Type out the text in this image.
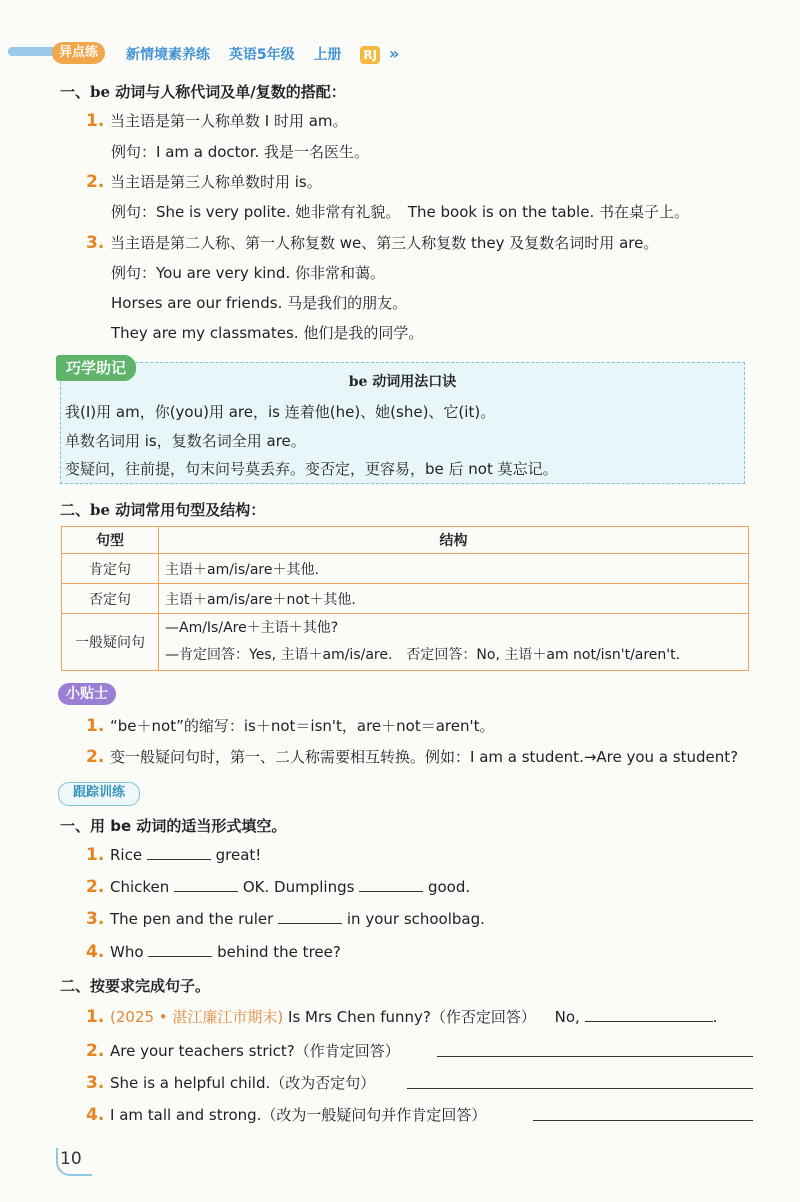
异点练	新情境素养练 英语5年级 上册 RJ »
一、be 动词与人称代词及单/复数的搭配：
1. 当主语是第一人称单数 I 时用 am。
例句：I am a doctor. 我是一名医生。
2. 当主语是第三人称单数时用 is。
例句：She is very polite. 她非常有礼貌。　The book is on the table. 书在桌子上。
3. 当主语是第二人称、第一人称复数 we、第三人称复数 they 及复数名词时用 are。
例句：You are very kind. 你非常和蔼。
Horses are our friends. 马是我们的朋友。
They are my classmates. 他们是我的同学。
巧学助记
be 动词用法口诀
我(I)用 am，你(you)用 are，is 连着他(he)、她(she)、它(it)。
单数名词用 is，复数名词全用 are。
变疑问，往前提，句末问号莫丢弃。变否定，更容易，be 后 not 莫忘记。
二、be 动词常用句型及结构：
句型	结构
肯定句	主语＋am/is/are＋其他.
否定句	主语＋am/is/are＋not＋其他.
一般疑问句	—Am/Is/Are＋主语＋其他?
—肯定回答：Yes, 主语＋am/is/are.　否定回答：No, 主语＋am not/isn't/aren't.
小贴士
1. “be＋not”的缩写：is＋not＝isn't，are＋not＝aren't。
2. 变一般疑问句时，第一、二人称需要相互转换。例如：I am a student.→Are you a student?
跟踪训练
一、用 be 动词的适当形式填空。
1. Rice	great!
2. Chicken	OK. Dumplings	good.
3. The pen and the ruler	in your schoolbag.
4. Who	behind the tree?
二、按要求完成句子。
1. (2025 • 湛江廉江市期末) Is Mrs Chen funny?（作否定回答） No,	.
2. Are your teachers strict?（作肯定回答）
3. She is a helpful child.（改为否定句）
4. I am tall and strong.（改为一般疑问句并作肯定回答）
10
